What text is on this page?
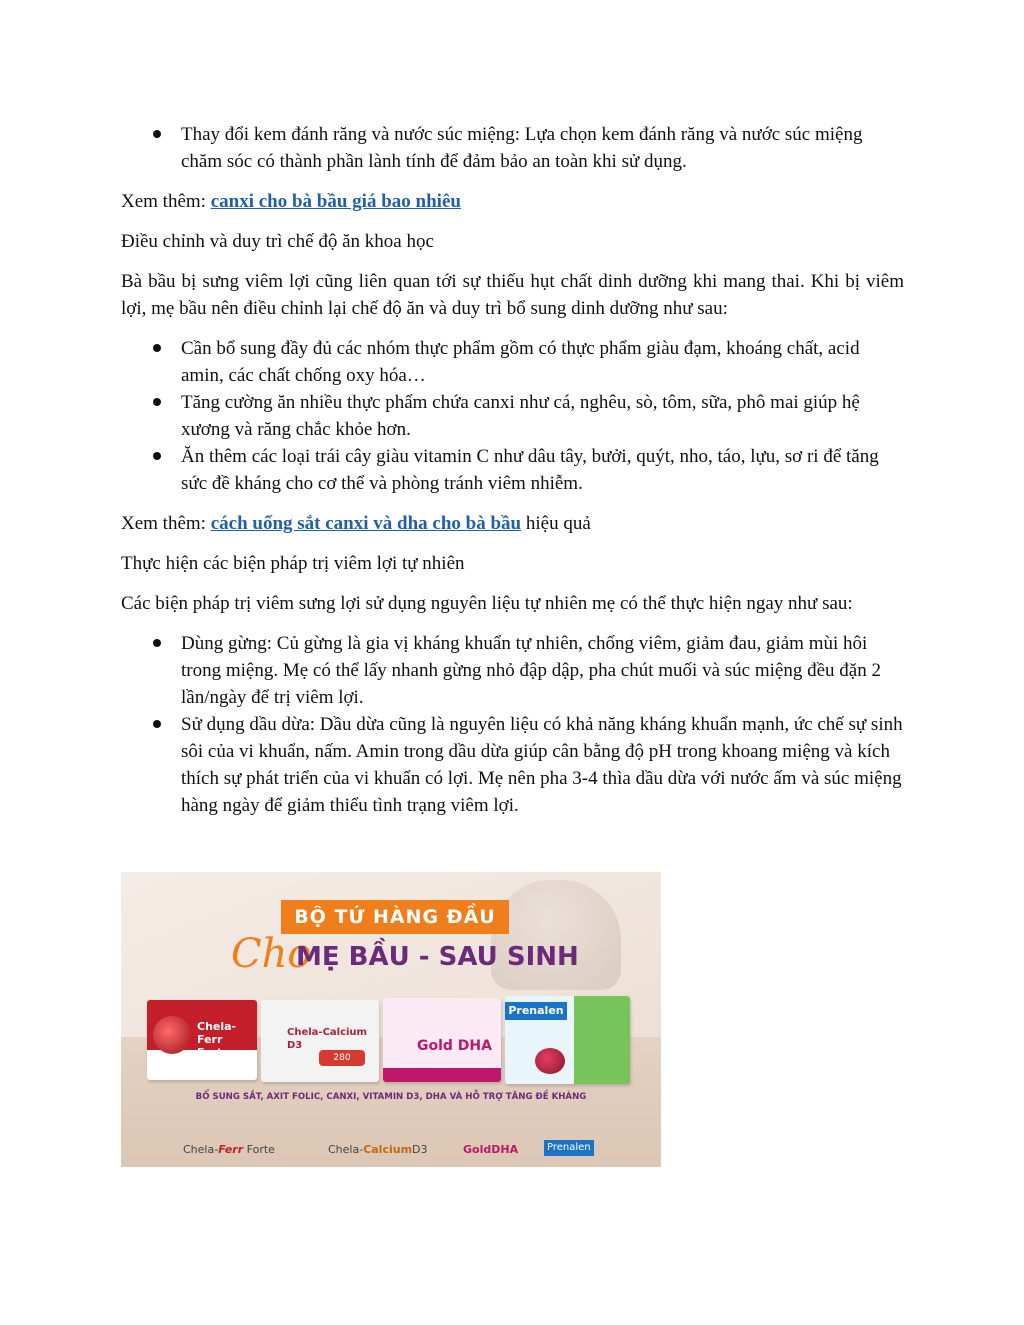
Thay đổi kem đánh răng và nước súc miệng: Lựa chọn kem đánh răng và nước súc miệng chăm sóc có thành phần lành tính để đảm bảo an toàn khi sử dụng.

Xem thêm: canxi cho bà bầu giá bao nhiêu

Điều chỉnh và duy trì chế độ ăn khoa học

Bà bầu bị sưng viêm lợi cũng liên quan tới sự thiếu hụt chất dinh dưỡng khi mang thai. Khi bị viêm lợi, mẹ bầu nên điều chỉnh lại chế độ ăn và duy trì bổ sung dinh dưỡng như sau:

Cần bổ sung đầy đủ các nhóm thực phẩm gồm có thực phẩm giàu đạm, khoáng chất, acid amin, các chất chống oxy hóa…
Tăng cường ăn nhiều thực phẩm chứa canxi như cá, nghêu, sò, tôm, sữa, phô mai giúp hệ xương và răng chắc khỏe hơn.
Ăn thêm các loại trái cây giàu vitamin C như dâu tây, bưởi, quýt, nho, táo, lựu, sơ ri để tăng sức đề kháng cho cơ thể và phòng tránh viêm nhiễm.

Xem thêm: cách uống sắt canxi và dha cho bà bầu hiệu quả

Thực hiện các biện pháp trị viêm lợi tự nhiên

Các biện pháp trị viêm sưng lợi sử dụng nguyên liệu tự nhiên mẹ có thể thực hiện ngay như sau:

Dùng gừng: Củ gừng là gia vị kháng khuẩn tự nhiên, chống viêm, giảm đau, giảm mùi hôi trong miệng. Mẹ có thể lấy nhanh gừng nhỏ đập dập, pha chút muối và súc miệng đều đặn 2 lần/ngày để trị viêm lợi.
Sử dụng dầu dừa: Dầu dừa cũng là nguyên liệu có khả năng kháng khuẩn mạnh, ức chế sự sinh sôi của vi khuẩn, nấm. Amin trong dầu dừa giúp cân bằng độ pH trong khoang miệng và kích thích sự phát triển của vi khuẩn có lợi. Mẹ nên pha 3-4 thìa dầu dừa với nước ấm và súc miệng hàng ngày để giảm thiểu tình trạng viêm lợi.
BỘ TỨ HÀNG ĐẦU
Cho
MẸ BẦU - SAU SINH
Chela-Ferr Forte
Chela-Calcium D3
280
Gold DHA
Prenalen
BỔ SUNG SẮT, AXIT FOLIC, CANXI, VITAMIN D3, DHA VÀ HỖ TRỢ TĂNG ĐỀ KHÁNG
Chela-Ferr Forte	Chela-CalciumD3	GoldDHA	Prenalen
